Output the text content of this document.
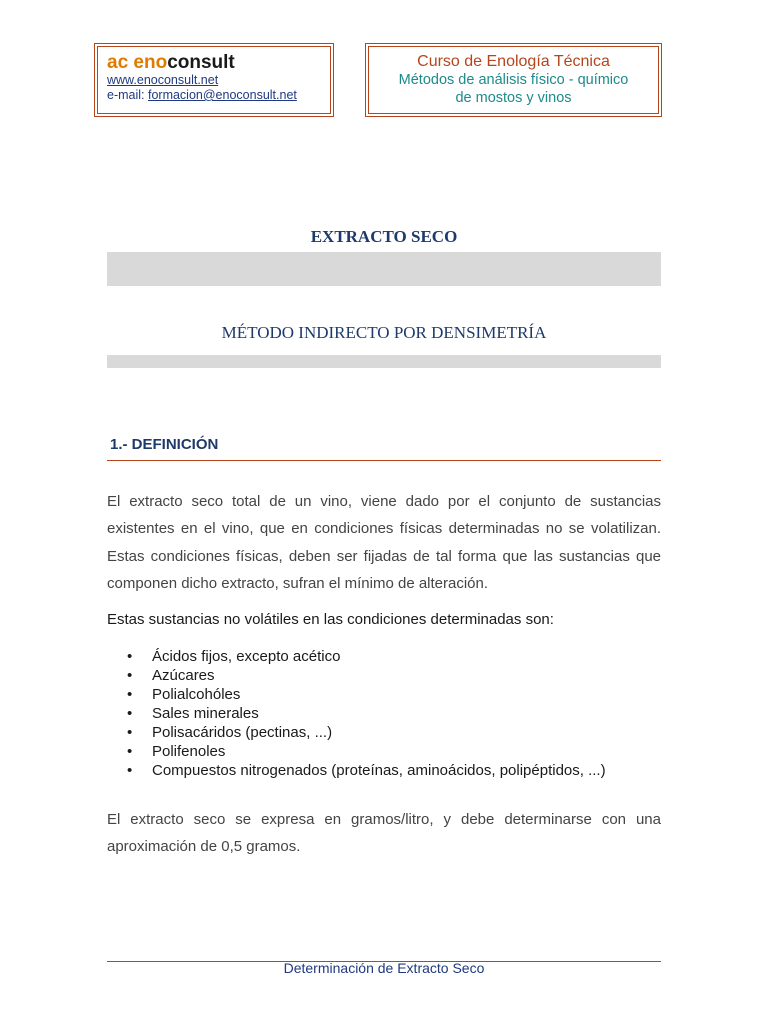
ac enoconsult
www.enoconsult.net
e-mail: formacion@enoconsult.net
Curso de Enología Técnica
Métodos de análisis físico - químico
de mostos y vinos
EXTRACTO SECO
MÉTODO INDIRECTO POR DENSIMETRÍA
1.- DEFINICIÓN
El extracto seco total de un vino, viene dado por el conjunto de sustancias
existentes en el vino, que en condiciones físicas determinadas no se volatilizan.
Estas condiciones físicas, deben ser fijadas de tal forma que las sustancias que
componen dicho extracto, sufran el mínimo de alteración.
Estas sustancias no volátiles en las condiciones determinadas son:
• Ácidos fijos, excepto acético
• Azúcares
• Polialcohóles
• Sales minerales
• Polisacáridos (pectinas, ...)
• Polifenoles
• Compuestos nitrogenados (proteínas, aminoácidos, polipéptidos, ...)
El extracto seco se expresa en gramos/litro, y debe determinarse con una
aproximación de 0,5 gramos.
Determinación de Extracto Seco
